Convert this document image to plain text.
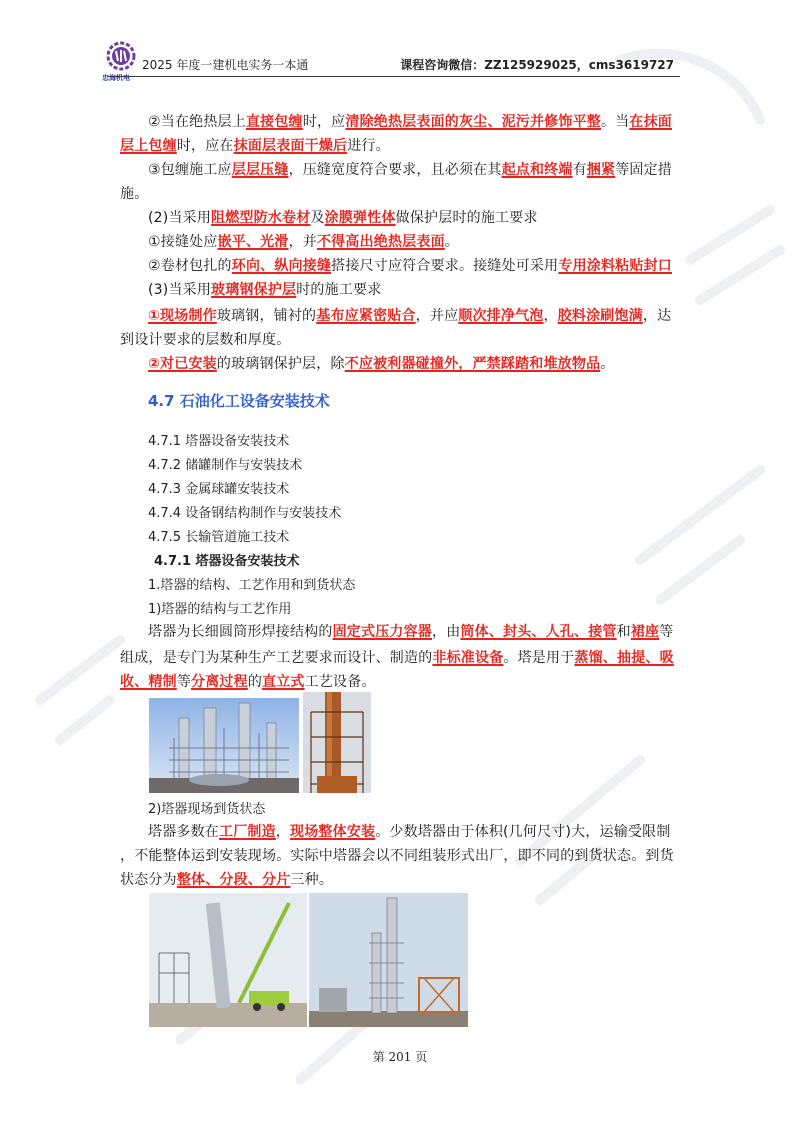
忠海机电
2025 年度一建机电实务一本通	课程咨询微信：ZZ125929025，cms3619727
②当在绝热层上直接包缠时，应清除绝热层表面的灰尘、泥污并修饰平整。当在抹面
层上包缠时，应在抹面层表面干燥后进行。
③包缠施工应层层压缝，压缝宽度符合要求，且必须在其起点和终端有捆紧等固定措
施。
(2)当采用阻燃型防水卷材及涂膜弹性体做保护层时的施工要求
①接缝处应嵌平、光滑，并不得高出绝热层表面。
②卷材包扎的环向、纵向接缝搭接尺寸应符合要求。接缝处可采用专用涂料粘贴封口
(3)当采用玻璃钢保护层时的施工要求
①现场制作玻璃钢，铺衬的基布应紧密贴合，并应顺次排净气泡，胶料涂刷饱满，达
到设计要求的层数和厚度。
②对已安装的玻璃钢保护层，除不应被利器碰撞外，严禁踩踏和堆放物品。
4.7 石油化工设备安装技术
4.7.1 塔器设备安装技术
4.7.2 储罐制作与安装技术
4.7.3 金属球罐安装技术
4.7.4 设备钢结构制作与安装技术
4.7.5 长输管道施工技术
4.7.1 塔器设备安装技术
1.塔器的结构、工艺作用和到货状态
1)塔器的结构与工艺作用
塔器为长细圆筒形焊接结构的固定式压力容器，由筒体、封头、人孔、接管和裙座等
组成，是专门为某种生产工艺要求而设计、制造的非标准设备。塔是用于蒸馏、抽提、吸
收、精制等分离过程的直立式工艺设备。
2)塔器现场到货状态
塔器多数在工厂制造，现场整体安装。少数塔器由于体积(几何尺寸)大，运输受限制
，不能整体运到安装现场。实际中塔器会以不同组装形式出厂，即不同的到货状态。到货
状态分为整体、分段、分片三种。
第 201 页
